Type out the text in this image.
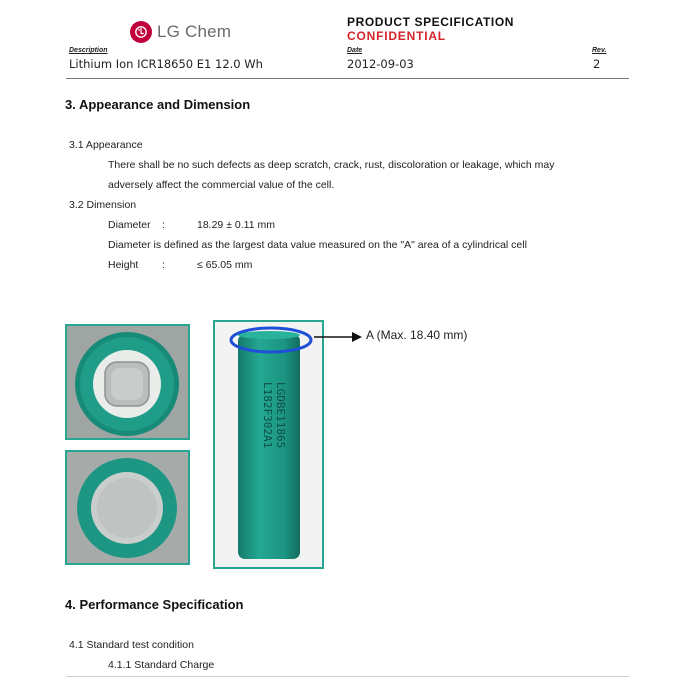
LG Chem	PRODUCT SPECIFICATION
CONFIDENTIAL
Description
Lithium Ion ICR18650 E1 12.0 Wh
Date
2012-09-03
Rev.
2
3. Appearance and Dimension
3.1 Appearance
There shall be no such defects as deep scratch, crack, rust, discoloration or leakage, which may
adversely affect the commercial value of the cell.
3.2 Dimension
Diameter :	18.29 ± 0.11 mm
Diameter is defined as the largest data value measured on the "A" area of a cylindrical cell
Height :	≤ 65.05 mm
LGDBE11865
L182F302A1
A (Max. 18.40 mm)
4. Performance Specification
4.1 Standard test condition
4.1.1 Standard Charge
